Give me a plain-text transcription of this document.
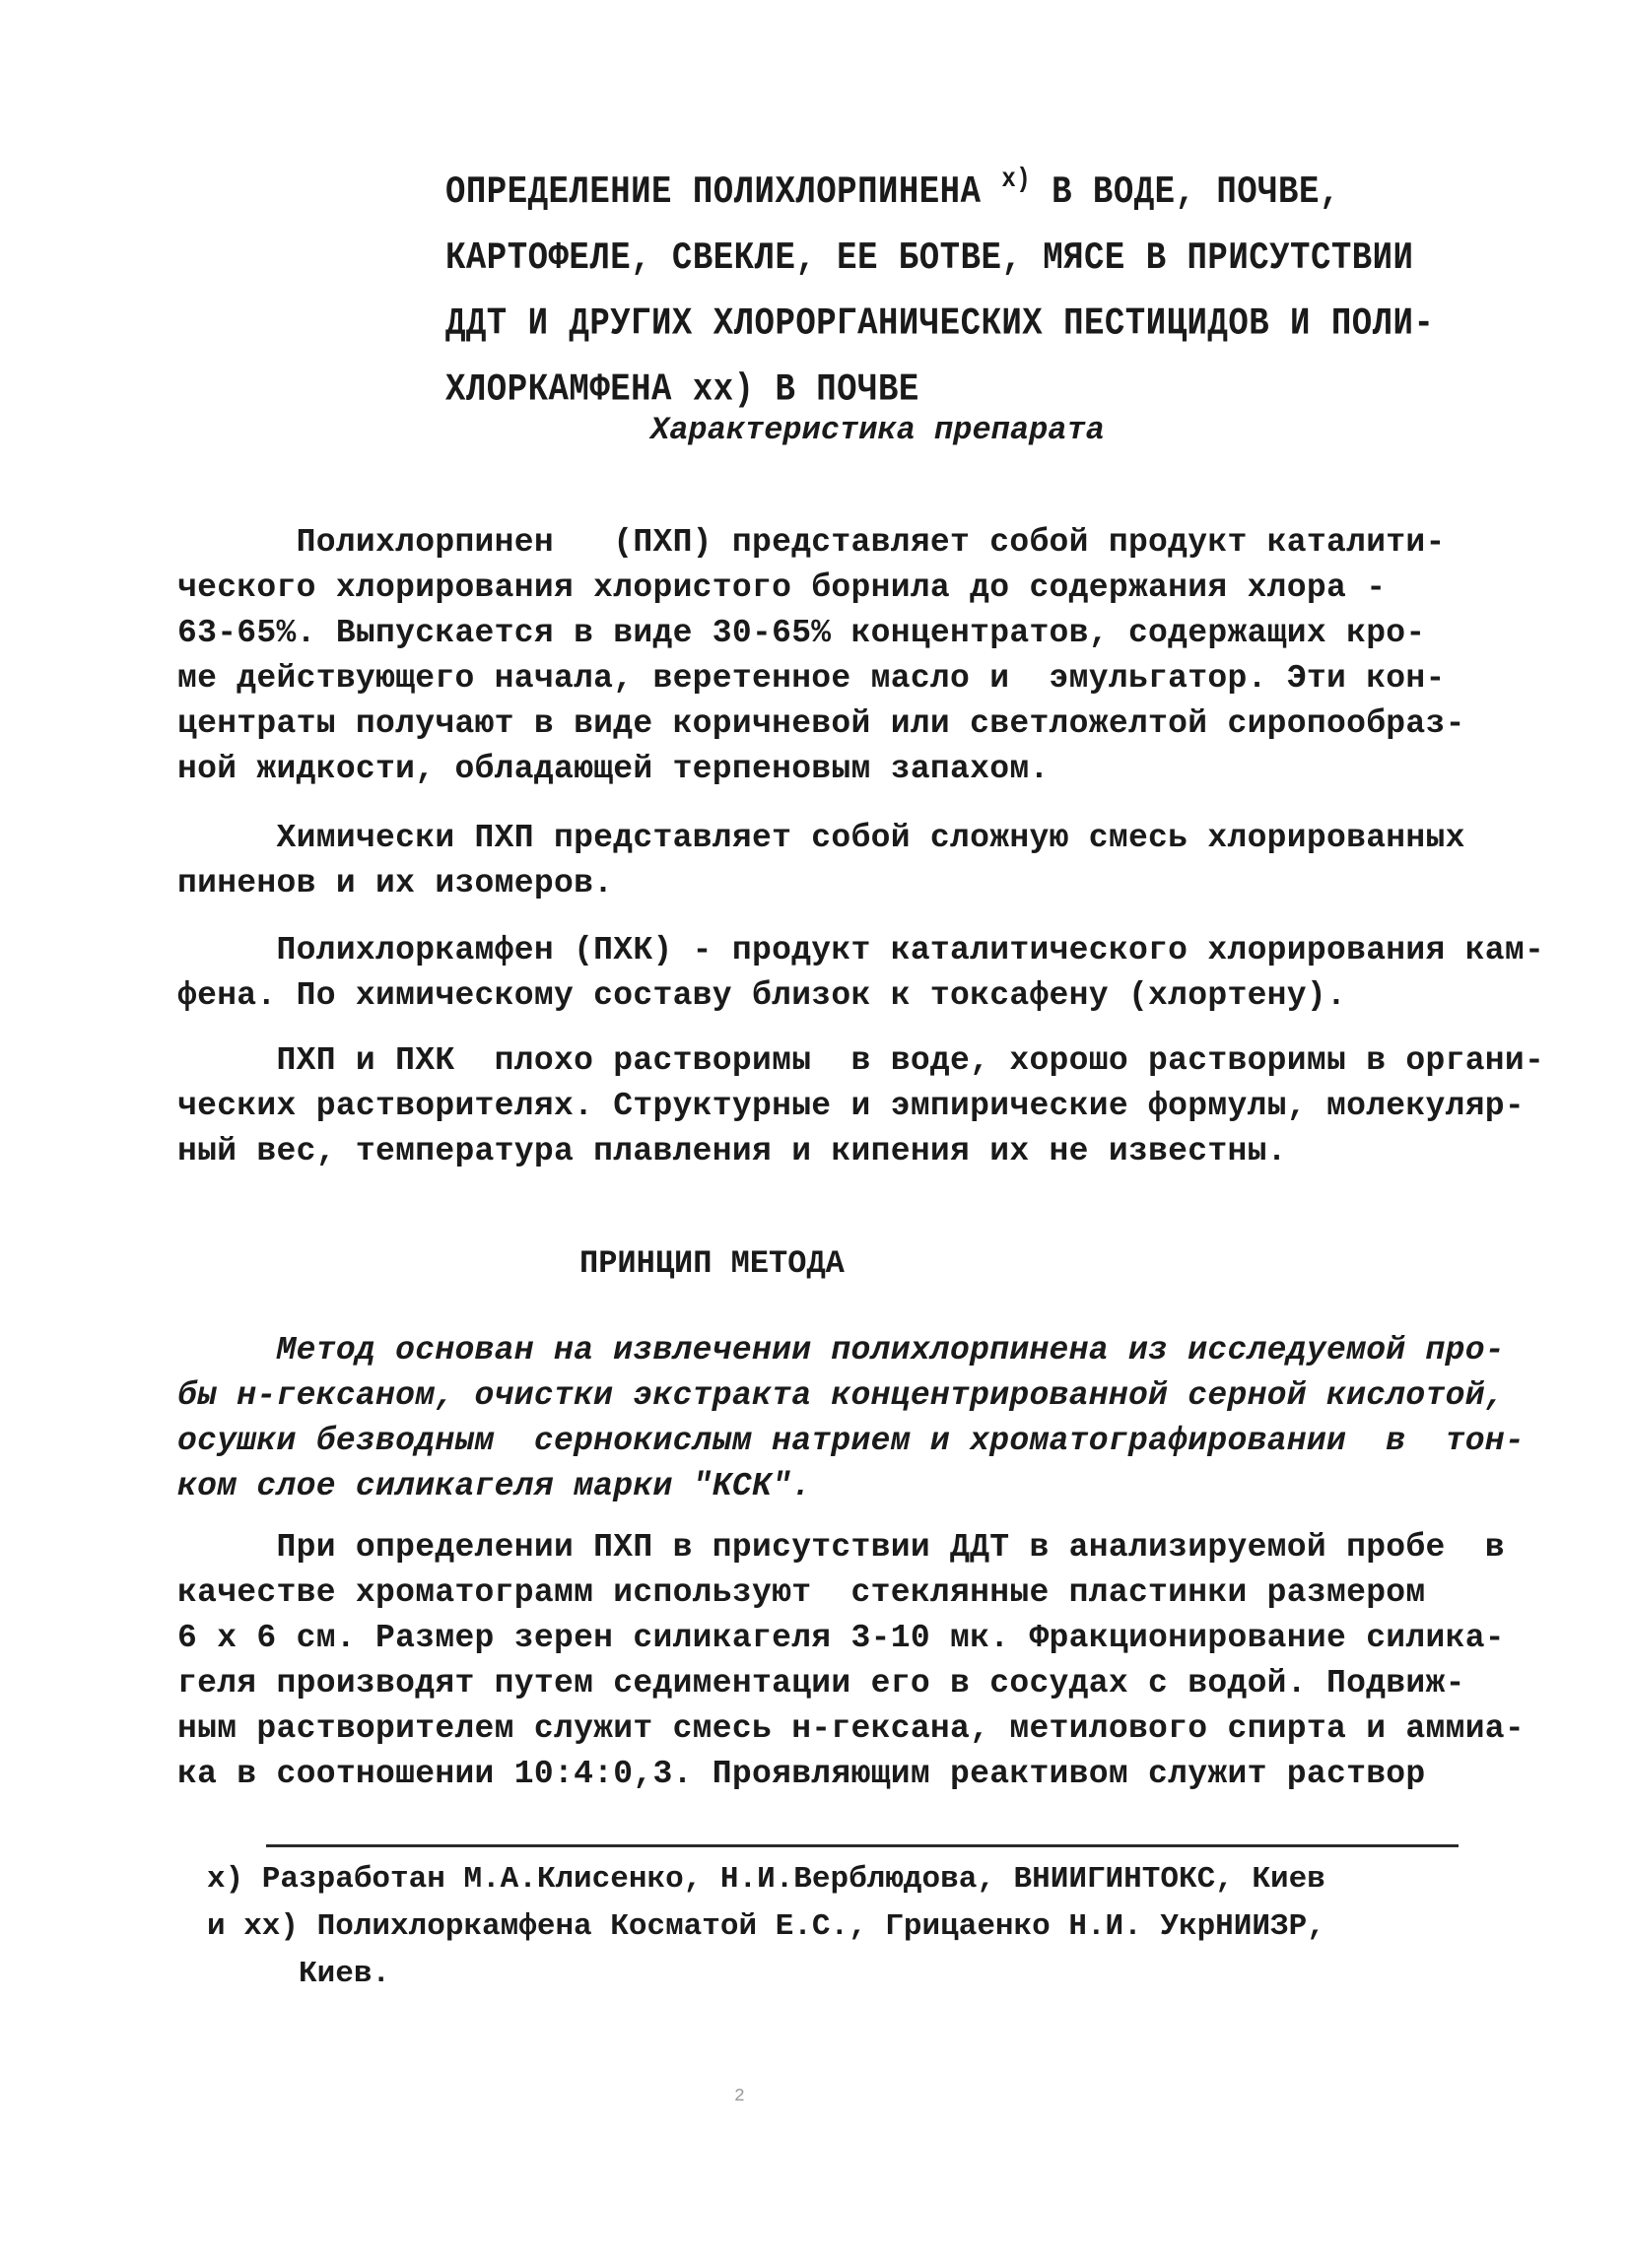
ОПРЕДЕЛЕНИЕ ПОЛИХЛОРПИНЕНА $^{x)}$ В ВОДЕ, ПОЧВЕ,

КАРТОФЕЛЕ, СВЕКЛЕ, ЕЕ БОТВЕ, МЯСЕ В ПРИСУТСТВИИ

ДДТ И ДРУГИХ ХЛОРОРГАНИЧЕСКИХ ПЕСТИЦИДОВ И ПОЛИ-

ХЛОРКАМФЕНА xx) В ПОЧВЕ

Характеристика препарата

Полихлорпинен   (ПХП) представляет собой продукт каталити-

ческого хлорирования хлористого борнила до содержания хлора -

63-65%. Выпускается в виде 30-65% концентратов, содержащих кро-

ме действующего начала, веретенное масло и  эмульгатор. Эти кон-

центраты получают в виде коричневой или светложелтой сиропообраз-

ной жидкости, обладающей терпеновым запахом.

Химически ПХП представляет собой сложную смесь хлорированных

пиненов и их изомеров.

Полихлоркамфен (ПХК) - продукт каталитического хлорирования кам-

фена. По химическому составу близок к токсафену (хлортену).

ПХП и ПХК  плохо растворимы  в воде, хорошо растворимы в органи-

ческих растворителях. Структурные и эмпирические формулы, молекуляр-

ный вес, температура плавления и кипения их не известны.

ПРИНЦИП МЕТОДА

Метод основан на извлечении полихлорпинена из исследуемой про-

бы н-гексаном, очистки экстракта концентрированной серной кислотой,

осушки безводным  сернокислым натрием и хроматографировании  в  тон-

ком слое силикагеля марки "КСК".

При определении ПХП в присутствии ДДТ в анализируемой пробе  в

качестве хроматограмм используют  стеклянные пластинки размером

6 х 6 см. Размер зерен силикагеля 3-10 мк. Фракционирование силика-

геля производят путем седиментации его в сосудах с водой. Подвиж-

ным растворителем служит смесь н-гексана, метилового спирта и аммиа-

ка в соотношении 10:4:0,3. Проявляющим реактивом служит раствор

x) Разработан М.А.Клисенко, Н.И.Верблюдова, ВНИИГИНТОКС, Киев

и xx) Полихлоркамфена Косматой Е.С., Грицаенко Н.И. УкрНИИЗР,

Киев.

2
